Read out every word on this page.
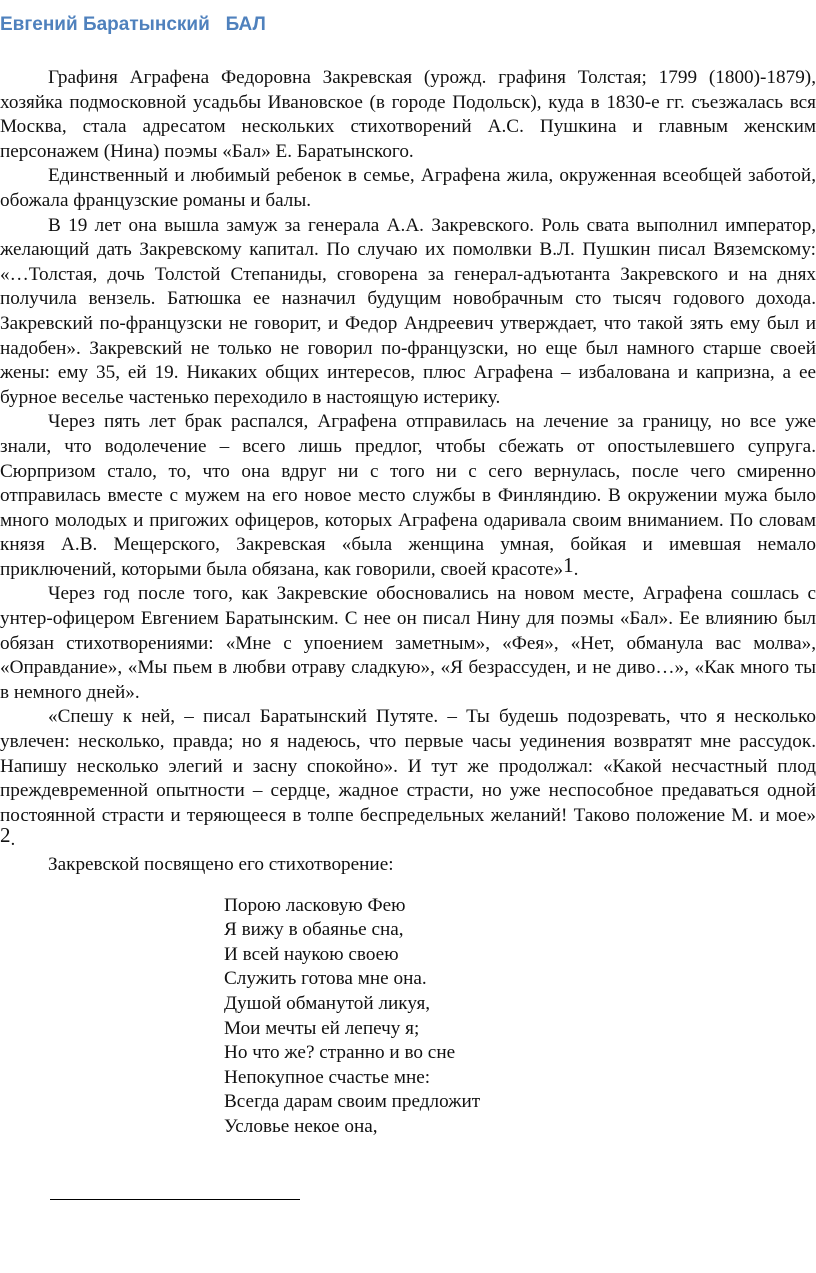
Евгений Баратынский   БАЛ

Графиня Аграфена Федоровна Закревская (урожд. графиня Толстая; 1799 (1800)-1879), хозяйка подмосковной усадьбы Ивановское (в городе Подольск), куда в 1830-е гг. съезжалась вся Москва, стала адресатом нескольких стихотворений А.С. Пушкина и главным женским персонажем (Нина) поэмы «Бал» Е. Баратынского.

Единственный и любимый ребенок в семье, Аграфена жила, окруженная всеобщей заботой, обожала французские романы и балы.

В 19 лет она вышла замуж за генерала А.А. Закревского. Роль свата выполнил император, желающий дать Закревскому капитал. По случаю их помолвки В.Л. Пушкин писал Вяземскому: «…Толстая, дочь Толстой Степаниды, сговорена за генерал-адъютанта Закревского и на днях получила вензель. Батюшка ее назначил будущим новобрачным сто тысяч годового дохода. Закревский по-французски не говорит, и Федор Андреевич утверждает, что такой зять ему был и надобен». Закревский не только не говорил по-французски, но еще был намного старше своей жены: ему 35, ей 19. Никаких общих интересов, плюс Аграфена – избалована и капризна, а ее бурное веселье частенько переходило в настоящую истерику.

Через пять лет брак распался, Аграфена отправилась на лечение за границу, но все уже знали, что водолечение – всего лишь предлог, чтобы сбежать от опостылевшего супруга. Сюрпризом стало, то, что она вдруг ни с того ни с сего вернулась, после чего смиренно отправилась вместе с мужем на его новое место службы в Финляндию. В окружении мужа было много молодых и пригожих офицеров, которых Аграфена одаривала своим вниманием. По словам князя А.В. Мещерского, Закревская «была женщина умная, бойкая и имевшая немало приключений, которыми была обязана, как говорили, своей красоте»1.

Через год после того, как Закревские обосновались на новом месте, Аграфена сошлась с унтер-офицером Евгением Баратынским. С нее он писал Нину для поэмы «Бал». Ее влиянию был обязан стихотворениями: «Мне с упоением заметным», «Фея», «Нет, обманула вас молва», «Оправдание», «Мы пьем в любви отраву сладкую», «Я безрассуден, и не диво…», «Как много ты в немного дней».

«Спешу к ней, – писал Баратынский Путяте. – Ты будешь подозревать, что я несколько увлечен: несколько, правда; но я надеюсь, что первые часы уединения возвратят мне рассудок. Напишу несколько элегий и засну спокойно». И тут же продолжал: «Какой несчастный плод преждевременной опытности – сердце, жадное страсти, но уже неспособное предаваться одной постоянной страсти и теряющееся в толпе беспредельных желаний! Таково положение М. и мое» 2.

Закревской посвящено его стихотворение:

Порою ласковую Фею
Я вижу в обаянье сна,
И всей наукою своею
Служить готова мне она.
Душой обманутой ликуя,
Мои мечты ей лепечу я;
Но что же? странно и во сне
Непокупное счастье мне:
Всегда дарам своим предложит
Условье некое она,
